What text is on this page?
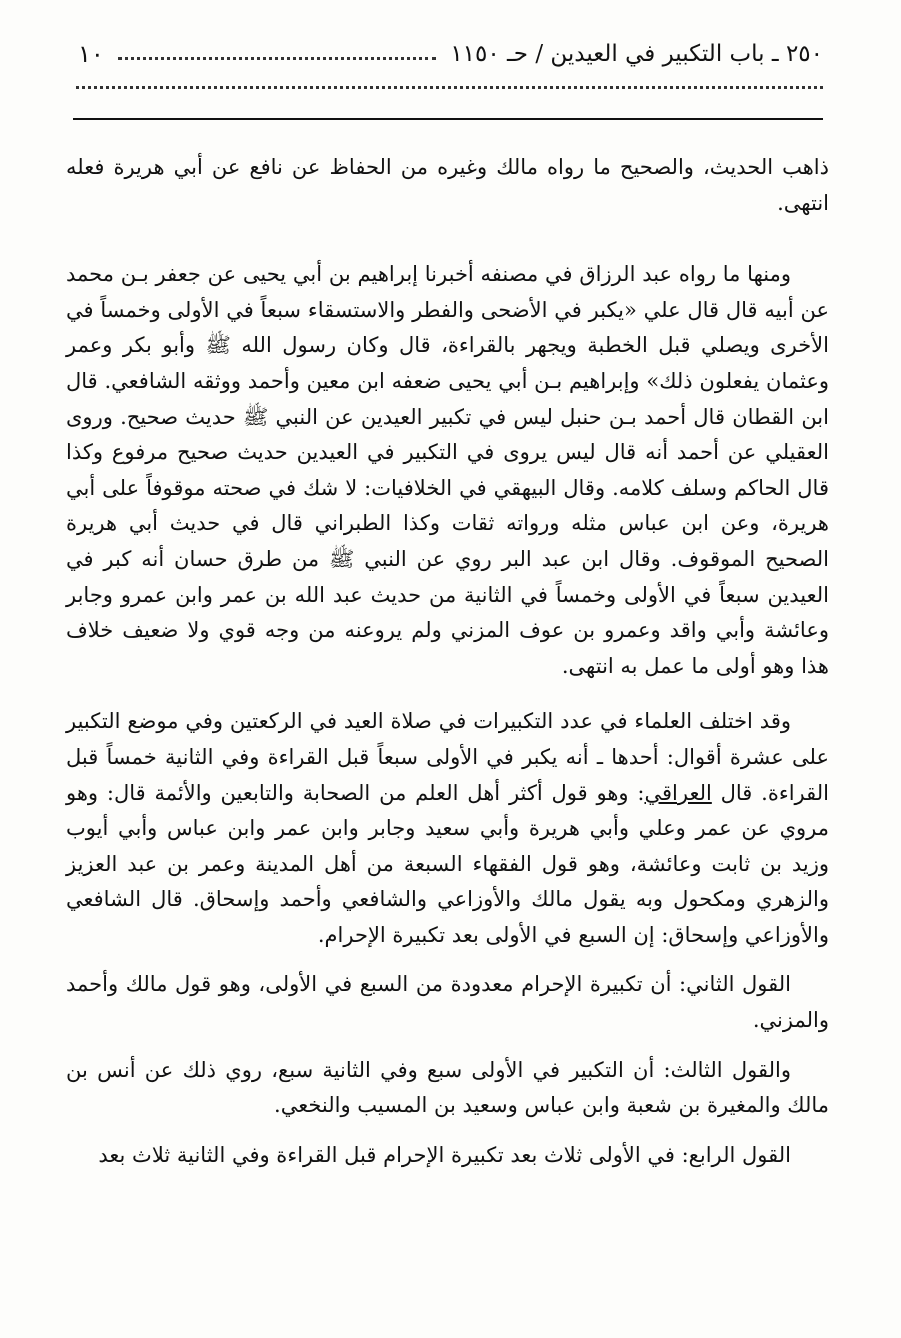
٢٥٠ ـ باب التكبير في العيدين / حـ ١١٥٠
١٠

ذاهب الحديث، والصحيح ما رواه مالك وغيره من الحفاظ عن نافع عن أبي هريرة فعله انتهى.

ومنها ما رواه عبد الرزاق في مصنفه أخبرنا إبراهيم بن أبي يحيى عن جعفر بـن محمد عن أبيه قال قال علي «يكبر في الأضحى والفطر والاستسقاء سبعاً في الأولى وخمساً في الأخرى ويصلي قبل الخطبة ويجهر بالقراءة، قال وكان رسول الله ﷺ وأبو بكر وعمر وعثمان يفعلون ذلك» وإبراهيم بـن أبي يحيى ضعفه ابن معين وأحمد ووثقه الشافعي. قال ابن القطان قال أحمد بـن حنبل ليس في تكبير العيدين عن النبي ﷺ حديث صحيح. وروى العقيلي عن أحمد أنه قال ليس يروى في التكبير في العيدين حديث صحيح مرفوع وكذا قال الحاكم وسلف كلامه. وقال البيهقي في الخلافيات: لا شك في صحته موقوفاً على أبي هريرة، وعن ابن عباس مثله ورواته ثقات وكذا الطبراني قال في حديث أبي هريرة الصحيح الموقوف. وقال ابن عبد البر روي عن النبي ﷺ من طرق حسان أنه كبر في العيدين سبعاً في الأولى وخمساً في الثانية من حديث عبد الله بن عمر وابن عمرو وجابر وعائشة وأبي واقد وعمرو بن عوف المزني ولم يروعنه من وجه قوي ولا ضعيف خلاف هذا وهو أولى ما عمل به انتهى.

وقد اختلف العلماء في عدد التكبيرات في صلاة العيد في الركعتين وفي موضع التكبير على عشرة أقوال: أحدها ـ أنه يكبر في الأولى سبعاً قبل القراءة وفي الثانية خمساً قبل القراءة. قال العراقي: وهو قول أكثر أهل العلم من الصحابة والتابعين والأئمة قال: وهو مروي عن عمر وعلي وأبي هريرة وأبي سعيد وجابر وابن عمر وابن عباس وأبي أيوب وزيد بن ثابت وعائشة، وهو قول الفقهاء السبعة من أهل المدينة وعمر بن عبد العزيز والزهري ومكحول وبه يقول مالك والأوزاعي والشافعي وأحمد وإسحاق. قال الشافعي والأوزاعي وإسحاق: إن السبع في الأولى بعد تكبيرة الإحرام.

القول الثاني: أن تكبيرة الإحرام معدودة من السبع في الأولى، وهو قول مالك وأحمد والمزني.

والقول الثالث: أن التكبير في الأولى سبع وفي الثانية سبع، روي ذلك عن أنس بن مالك والمغيرة بن شعبة وابن عباس وسعيد بن المسيب والنخعي.

القول الرابع: في الأولى ثلاث بعد تكبيرة الإحرام قبل القراءة وفي الثانية ثلاث بعد
